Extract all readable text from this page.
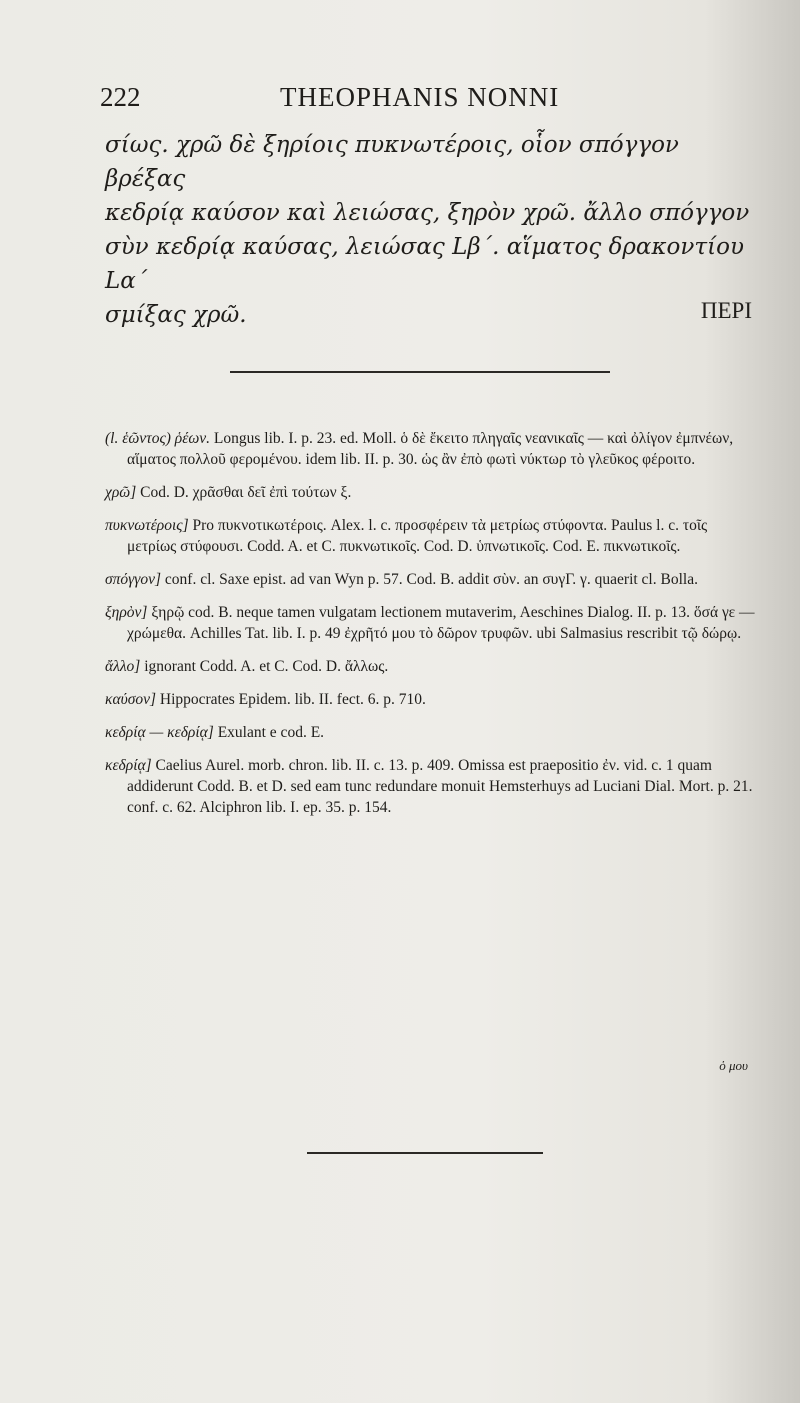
222	THEOPHANIS NONNI

σίως. χρῶ δὲ ξηρίοις πυκνωτέροις, οἷον σπόγγον βρέξας

κεδρίᾳ καύσον καὶ λειώσας, ξηρὸν χρῶ. ἄλλο σπόγγον

σὺν κεδρίᾳ καύσας, λειώσας Lβ΄. αἵματος δρακοντίου Lα΄

σμίξας χρῶ.	ΠΕΡΙ

(l. ἑῶντος) ῥέων. Longus lib. I. p. 23. ed. Moll. ὁ δὲ ἔκειτο πληγαῖς νεανικαῖς — καὶ ὀλίγον ἐμπνέων, αἵματος πολλοῦ φερομένου. idem lib. II. p. 30. ὡς ἂν ἐπὸ φωτὶ νύκτωρ τὸ γλεῦκος φέροιτο.

χρῶ] Cod. D. χρᾶσθαι δεῖ ἐπὶ τούτων ξ.

πυκνωτέροις] Pro πυκνοτικωτέροις. Alex. l. c. προσφέρειν τὰ μετρίως στύφοντα. Paulus l. c. τοῖς μετρίως στύφουσι. Codd. A. et C. πυκνωτικοῖς. Cod. D. ὑπνωτικοῖς. Cod. E. πικνωτικοῖς.

σπόγγον] conf. cl. Saxe epist. ad van Wyn p. 57. Cod. B. addit σὺν. an συγΓ. γ. quaerit cl. Bolla.

ξηρὸν] ξηρῷ cod. B. neque tamen vulgatam lectionem mutaverim, Aeschines Dialog. II. p. 13. ὅσά γε — χρώμεθα. Achilles Tat. lib. I. p. 49 ἐχρῆτό μου τὸ δῶρον τρυφῶν. ubi Salmasius rescribit τῷ δώρῳ.

ἄλλο] ignorant Codd. A. et C. Cod. D. ἄλλως.

καύσον] Hippocrates Epidem. lib. II. fect. 6. p. 710.

κεδρίᾳ — κεδρίᾳ] Exulant e cod. E.

κεδρίᾳ] Caelius Aurel. morb. chron. lib. II. c. 13. p. 409. Omissa est praepositio ἐν. vid. c. 1 quam addiderunt Codd. B. et D. sed eam tunc redundare monuit Hemsterhuys ad Luciani Dial. Mort. p. 21. conf. c. 62. Alciphron lib. I. ep. 35. p. 154.

ὁ μου
